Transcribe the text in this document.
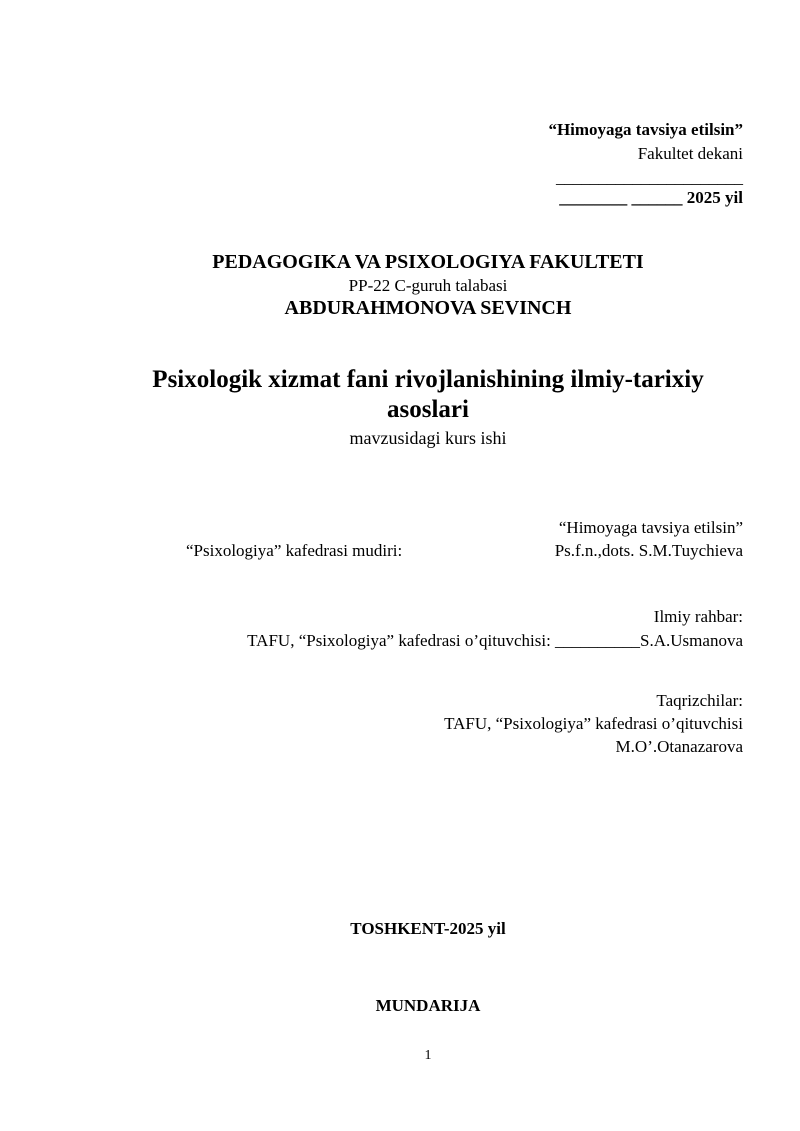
“Himoyaga tavsiya etilsin”
Fakultet dekani
______________________
________ ______ 2025 yil
PEDAGOGIKA VA PSIXOLOGIYA FAKULTETI
PP-22 C-guruh talabasi
ABDURAHMONOVA SEVINCH
Psixologik xizmat fani rivojlanishining ilmiy-tarixiy
asoslari
mavzusidagi kurs ishi
“Himoyaga tavsiya etilsin”
“Psixologiya” kafedrasi mudiri:	Ps.f.n.,dots. S.M.Tuychieva
Ilmiy rahbar:
TAFU, “Psixologiya” kafedrasi o’qituvchisi: __________S.A.Usmanova
Taqrizchilar:
TAFU, “Psixologiya” kafedrasi o’qituvchisi
M.O’.Otanazarova
TOSHKENT-2025 yil
MUNDARIJA
1
